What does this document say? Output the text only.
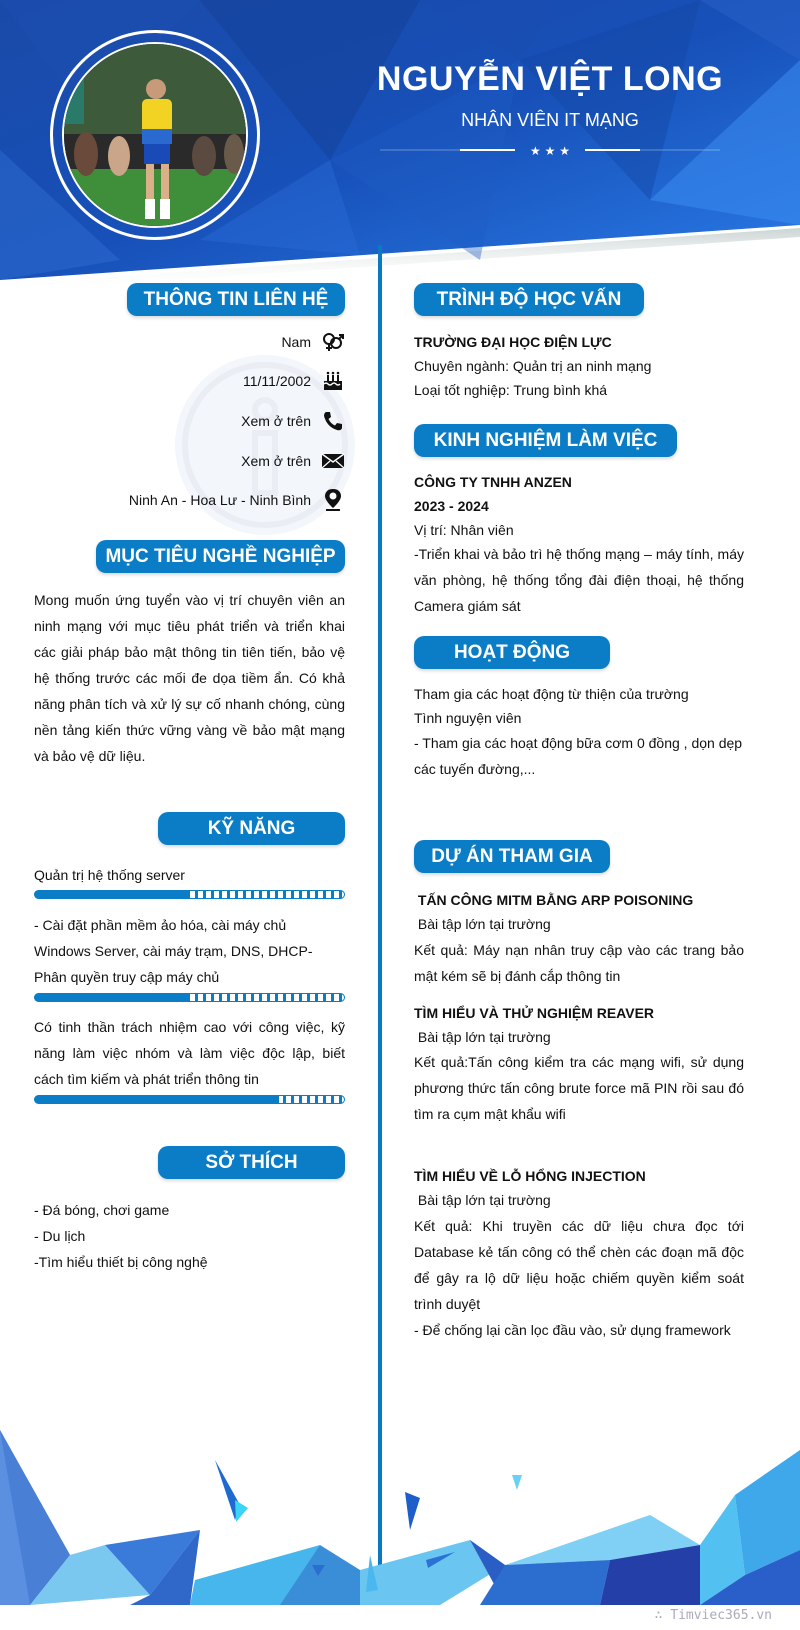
NGUYỄN VIỆT LONG
NHÂN VIÊN IT MẠNG
★ ★ ★
THÔNG TIN LIÊN HỆ
Nam
11/11/2002
Xem ở trên
Xem ở trên
Ninh An - Hoa Lư - Ninh Bình
MỤC TIÊU NGHỀ NGHIỆP
Mong muốn ứng tuyển vào vị trí chuyên viên an ninh mạng với mục tiêu phát triển và triển khai các giải pháp bảo mật thông tin tiên tiến, bảo vệ hệ thống trước các mối đe dọa tiềm ẩn. Có khả năng phân tích và xử lý sự cố nhanh chóng, cùng nền tảng kiến thức vững vàng về bảo mật mạng và bảo vệ dữ liệu.
KỸ NĂNG
Quản trị hệ thống server
- Cài đặt phần mềm ảo hóa, cài máy chủ Windows Server, cài máy trạm, DNS, DHCP- Phân quyền truy cập máy chủ
Có tinh thần trách nhiệm cao với công việc, kỹ năng làm việc nhóm và làm việc độc lập, biết cách tìm kiếm và phát triển thông tin
SỞ THÍCH
- Đá bóng, chơi game
- Du lịch
-Tìm hiểu thiết bị công nghệ
TRÌNH ĐỘ HỌC VẤN
TRƯỜNG ĐẠI HỌC ĐIỆN LỰC
Chuyên ngành: Quản trị an ninh mạng
Loại tốt nghiệp: Trung bình khá
KINH NGHIỆM LÀM VIỆC
CÔNG TY TNHH ANZEN
2023 - 2024
Vị trí: Nhân viên
-Triển khai và bảo trì hệ thống mạng – máy tính, máy văn phòng, hệ thống tổng đài điện thoại, hệ thống Camera giám sát
HOẠT ĐỘNG
Tham gia các hoạt động từ thiện của trường
Tình nguyện viên
- Tham gia các hoạt động bữa cơm 0 đồng , dọn dẹp các tuyến đường,...
DỰ ÁN THAM GIA
TẤN CÔNG MITM BẰNG ARP POISONING
Bài tập lớn tại trường
Kết quả: Máy nạn nhân truy cập vào các trang bảo mật kém sẽ bị đánh cắp thông tin
TÌM HIỂU VÀ THỬ NGHIỆM REAVER
Bài tập lớn tại trường
Kết quả:Tấn công kiểm tra các mạng wifi, sử dụng phương thức tấn công brute force mã PIN rồi sau đó tìm ra cụm mật khẩu wifi
TÌM HIỂU VỀ LỖ HỔNG INJECTION
Bài tập lớn tại trường
Kết quả: Khi truyền các dữ liệu chưa đọc tới Database kẻ tấn công có thể chèn các đoạn mã độc để gây ra lộ dữ liệu hoặc chiếm quyền kiểm soát trình duyệt
- Để chống lại cần lọc đầu vào, sử dụng framework
∴ Timviec365.vn
